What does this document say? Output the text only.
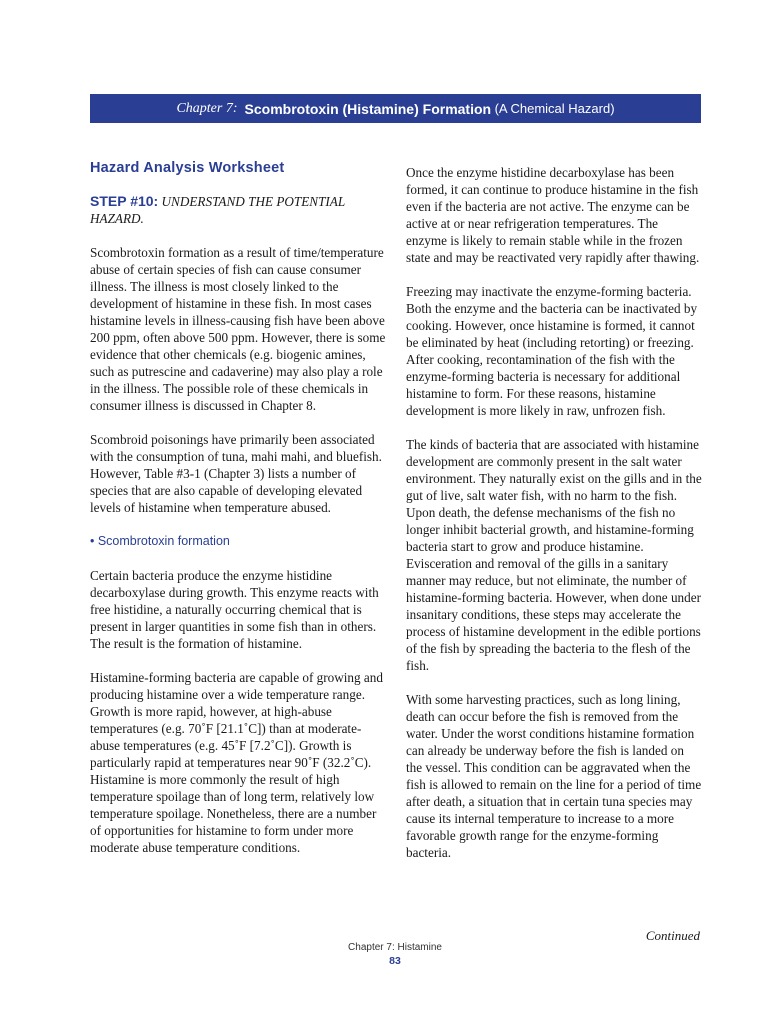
Chapter 7:
Scombrotoxin (Histamine) Formation
(A Chemical Hazard)
Hazard Analysis Worksheet
STEP #10: UNDERSTAND THE POTENTIAL HAZARD.

Scombrotoxin formation as a result of time/temperature abuse of certain species of fish can cause consumer illness. The illness is most closely linked to the development of histamine in these fish. In most cases histamine levels in illness-causing fish have been above 200 ppm, often above 500 ppm. However, there is some evidence that other chemicals (e.g. biogenic amines, such as putrescine and cadaverine) may also play a role in the illness. The possible role of these chemicals in consumer illness is discussed in Chapter 8.

Scombroid poisonings have primarily been associated with the consumption of tuna, mahi mahi, and bluefish. However, Table #3-1 (Chapter 3) lists a number of species that are also capable of developing elevated levels of histamine when temperature abused.

• Scombrotoxin formation

Certain bacteria produce the enzyme histidine decarboxylase during growth. This enzyme reacts with free histidine, a naturally occurring chemical that is present in larger quantities in some fish than in others. The result is the formation of histamine.

Histamine-forming bacteria are capable of growing and producing histamine over a wide temperature range. Growth is more rapid, however, at high-abuse temperatures (e.g. 70˚F [21.1˚C]) than at moderate-abuse temperatures (e.g. 45˚F [7.2˚C]). Growth is particularly rapid at temperatures near 90˚F (32.2˚C). Histamine is more commonly the result of high temperature spoilage than of long term, relatively low temperature spoilage. Nonetheless, there are a number of opportunities for histamine to form under more moderate abuse temperature conditions.

Once the enzyme histidine decarboxylase has been formed, it can continue to produce histamine in the fish even if the bacteria are not active. The enzyme can be active at or near refrigeration temperatures. The enzyme is likely to remain stable while in the frozen state and may be reactivated very rapidly after thawing.

Freezing may inactivate the enzyme-forming bacteria. Both the enzyme and the bacteria can be inactivated by cooking. However, once histamine is formed, it cannot be eliminated by heat (including retorting) or freezing. After cooking, recontamination of the fish with the enzyme-forming bacteria is necessary for additional histamine to form. For these reasons, histamine development is more likely in raw, unfrozen fish.

The kinds of bacteria that are associated with histamine development are commonly present in the salt water environment. They naturally exist on the gills and in the gut of live, salt water fish, with no harm to the fish. Upon death, the defense mechanisms of the fish no longer inhibit bacterial growth, and histamine-forming bacteria start to grow and produce histamine. Evisceration and removal of the gills in a sanitary manner may reduce, but not eliminate, the number of histamine-forming bacteria. However, when done under insanitary conditions, these steps may accelerate the process of histamine development in the edible portions of the fish by spreading the bacteria to the flesh of the fish.

With some harvesting practices, such as long lining, death can occur before the fish is removed from the water. Under the worst conditions histamine formation can already be underway before the fish is landed on the vessel. This condition can be aggravated when the fish is allowed to remain on the line for a period of time after death, a situation that in certain tuna species may cause its internal temperature to increase to a more favorable growth range for the enzyme-forming bacteria.

Continued
Chapter 7: Histamine
83
